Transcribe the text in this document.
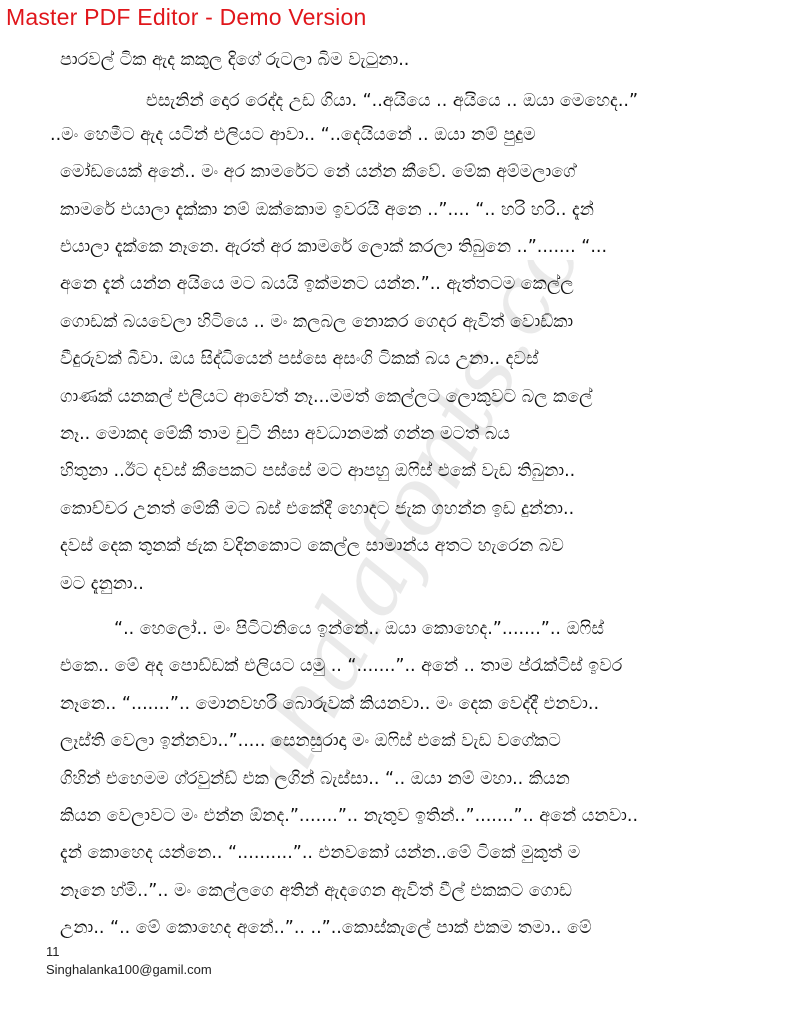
Master PDF Editor - Demo Version
sinhalafonts.com
පාරවල් ටික ඇද කකුල දිගේ රුටලා බිම වැටුනා..
එසැනින් දොර රෙද්ද උඩ ගියා. “..අයියෙ .. අයියෙ .. ඔයා මෙහෙද..”
..මං හෙමීට ඇද යටින් එලියට ආවා.. “..දෙයියනේ .. ඔයා නම් පුදුම
මෝඩයෙක් අනේ.. මං අර කාමරේට නේ යන්න කීවේ. මේක අම්මලාගේ
කාමරේ එයාලා දැක්කා නම් ඔක්කොම ඉවරයි අනෙ ..”.... “.. හරි හරි.. දැන්
එයාලා දැක්කෙ නෑනෙ. ඇරත් අර කාමරේ ලොක් කරලා තිබුනෙ ..”....... “...
අනෙ දැන් යන්න අයියෙ මට බයයි ඉක්මනට යන්න.”.. ඇත්තටම කෙල්ල
ගොඩක් බයවෙලා හිටියෙ .. මං කලබල නොකර ගෙදර ඇවිත් වොඩ්කා
වීදුරුවක් බීවා. ඔය සිද්ධියෙන් පස්සෙ අසංගි ටිකක් බය උනා.. දවස්
ගාණක් යනකල් එලියට ආවෙත් නෑ...මමත් කෙල්ලට ලොකුවට බල කලේ
නෑ.. මොකද මේකී තාම චුටි නිසා අවධානමක් ගන්න මටත් බය
හිතුනා ..ඊට දවස් කීපෙකට පස්සේ මට ආපහු ඔෆිස් එකේ වැඩ තිබුනා..
කොච්චර උනත් මේකී මට බස් එකේදී හොදට ජැක ගහන්න ඉඩ දුන්නා..
දවස් දෙක තුනක් ජැක වදිනකොට කෙල්ල සාමාන්ය අතට හැරෙන බව
මට දැනුනා..
“.. හෙලෝ.. මං පිටිටනියෙ ඉන්නේ.. ඔයා කොහෙද.”.......”.. ඔෆිස්
එකෙ.. මේ අද පොඩ්ඩක් එලියට යමු .. “.......”.. අනේ .. තාම ප්රැක්ටිස් ඉවර
නෑනෙ.. “.......”.. මොනවහරි බොරුවක් කියනවා.. මං දෙක වෙද්දී එනවා..
ලෑස්ති වෙලා ඉන්නවා..”..... සෙනසුරාදා මං ඔෆිස් එකේ වැඩ වගේකට
ගිහින් එහෙමම ග්රවුන්ඩ් එක ලගින් බැස්සා.. “.. ඔයා නම් මහා.. කියන
කියන වෙලාවට මං එන්න ඕනද.”.......”.. නැතුව ඉතින්..”.......”.. අනේ යනවා..
දැන් කොහෙද යන්නෙ.. “..........”.. එනවකෝ යන්න..මේ ටිකේ මුකුත් ම
නෑනෙ හ්මි..”.. මං කෙල්ලගෙ අතින් ඇදගෙන ඇවිත් වීල් එකකට ගොඩ
උනා.. “.. මේ කොහෙද අනේ..”.. ..”..කොස්කැලේ පාක් එකම තමා.. මේ
11
Singhalanka100@gamil.com
